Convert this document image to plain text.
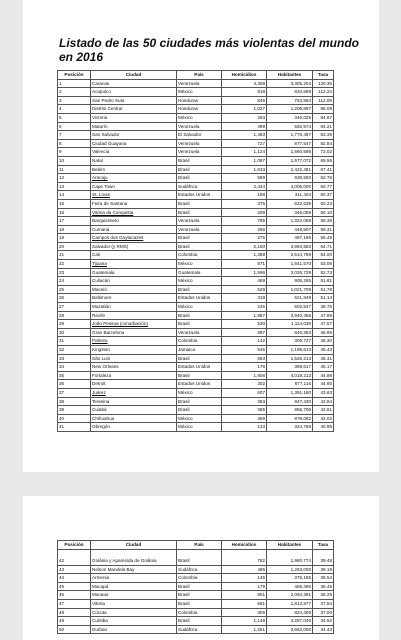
Listado de las 50 ciudades más violentas del mundo en 2016
Posición	Ciudad	País	Homicidios	Habitantes	Tasa
1	Caracas	Venezuela	4,308	3,305,204	130.35
2	Acapulco	México	918	810,669	113.24
3	San Pedro Sula	Honduras	845	753,864	112.09
4	Distrito Central	Honduras	1,027	1,206,897	85.09
5	Victoria	México	293	346,029	84.67
6	Maturín	Venezuela	499	592,574	84.21
7	San Salvador	El Salvador	1,483	1,778,467	83.39
8	Ciudad Guayana	Venezuela	727	877,547	82.84
9	Valencia	Venezuela	1,124	1,560,586	72.02
10	Natal	Brasil	1,097	1,577,072	69.56
11	Belém	Brasil	1,633	2,422,481	67.41
12	Aracaju	Brasil	589	938,550	62.76
13	Cape Town	Sudáfrica	2,434	4,005,000	60.77
14	St. Louis	Estados Unidos	188	311,404	60.37
15	Feira de Santana	Brasil	375	622,639	60.23
16	Vitória da Conquista	Brasil	208	346,069	60.10
17	Barquisimeto	Venezuela	785	1,322,068	59.38
18	Cumaná	Venezuela	266	448,507	59.31
19	Campos dos Goytacazes	Brasil	275	487,186	56.45
20	Salvador (y RMS)	Brasil	2,160	3,984,583	54.71
21	Cali	Colombia	1,358	2,514,759	54.00
22	Tijuana	México	871	1,641,570	53.06
23	Guatemala	Guatemala	1,596	3,026,729	52.73
24	Culiacán	México	469	905,265	51.81
25	Maceió	Brasil	529	1,021,709	51.78
26	Baltimore	Estados Unidos	318	621,849	51.14
27	Mazatlán	México	245	502,547	48.75
28	Recife	Brasil	1,887	3,940,456	47.89
29	João Pessoa (conurbación)	Brasil	530	1,114,039	47.57
30	Gran Barcelona	Venezuela	397	846,353	46.86
31	Palmira	Colombia	142	306,727	46.30
32	Kingston	Jamaica	545	1,199,613	45.43
33	São Luís	Brasil	693	1,526,213	45.41
34	New Orleans	Estados Unidos	176	389,617	45.17
35	Fortaleza	Brasil	1,808	4,019,213	44.98
36	Detroit	Estados Unidos	302	677,116	44.60
37	Juárez	México	607	1,391,180	43.63
38	Teresina	Brasil	363	847,430	42.84
39	Cuiabá	Brasil	365	856,706	42.61
40	Chihuahua	México	369	878,062	42.02
41	Obregón	México	133	324,788	40.95
Posición	Ciudad	País	Homicidios	Habitantes	Tasa
42	Goiânia y Aparecida de Goiânia	Brasil	782	1,980,774	39.48
43	Nelson Mandela Bay	Sudáfrica	495	1,263,000	39.19
44	Armenia	Colombia	145	376,185	38.54
45	Macapá	Brasil	179	465,495	38.45
46	Manaus	Brasil	801	2,094,391	38.25
47	Vitoria	Brasil	681	1,813,977	37.54
48	Cúcuta	Colombia	305	824,406	37.00
49	Curitiba	Brasil	1,148	3,287,046	34.92
50	Durban	Sudáfrica	1,261	3,662,000	34.43
